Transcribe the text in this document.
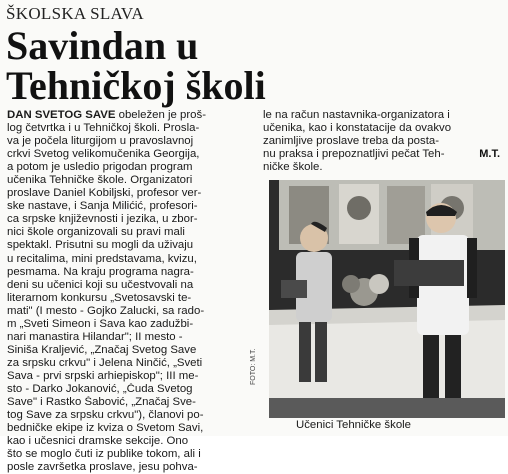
ŠKOLSKA SLAVA
Savindan u
Tehničkoj školi
DAN SVETOG SAVE obeležen je proš-
log četvrtka i u Tehničkoj školi. Prosla-
va je počela liturgijom u pravoslavnoj
crkvi Svetog velikomučenika Georgija,
a potom je usledio prigodan program
učenika Tehničke škole. Organizatori
proslave Daniel Kobiljski, profesor ver-
ske nastave, i Sanja Milićić, profesori-
ca srpske književnosti i jezika, u zbor-
nici škole organizovali su pravi mali
spektakl. Prisutni su mogli da uživaju
u recitalima, mini predstavama, kvizu,
pesmama. Na kraju programa nagra-
deni su učenici koji su učestvovali na
literarnom konkursu „Svetosavski te-
mati" (I mesto - Gojko Zalucki, sa rado-
m „Sveti Simeon i Sava kao zadužbi-
nari manastira Hilandar"; II mesto -
Siniša Kraljević, „Značaj Svetog Save
za srpsku crkvu" i Jelena Ninčić, „Sveti
Sava - prvi srpski arhiepiskop"; III me-
sto - Darko Jokanović, „Čuda Svetog
Save" i Rastko Šabović, „Značaj Sve-
tog Save za srpsku crkvu"), članovi po-
bedničke ekipe iz kviza o Svetom Savi,
kao i učesnici dramske sekcije. Ono
što se moglo čuti iz publike tokom, ali i
posle završetka proslave, jesu pohva-
le na račun nastavnika-organizatora i
učenika, kao i konstatacije da ovakvo
zanimljive proslave treba da posta-
nu praksa i prepoznatljivi pečat Teh-
ničke škole.
M.T.
FOTO: M.T.
Učenici Tehničke škole
